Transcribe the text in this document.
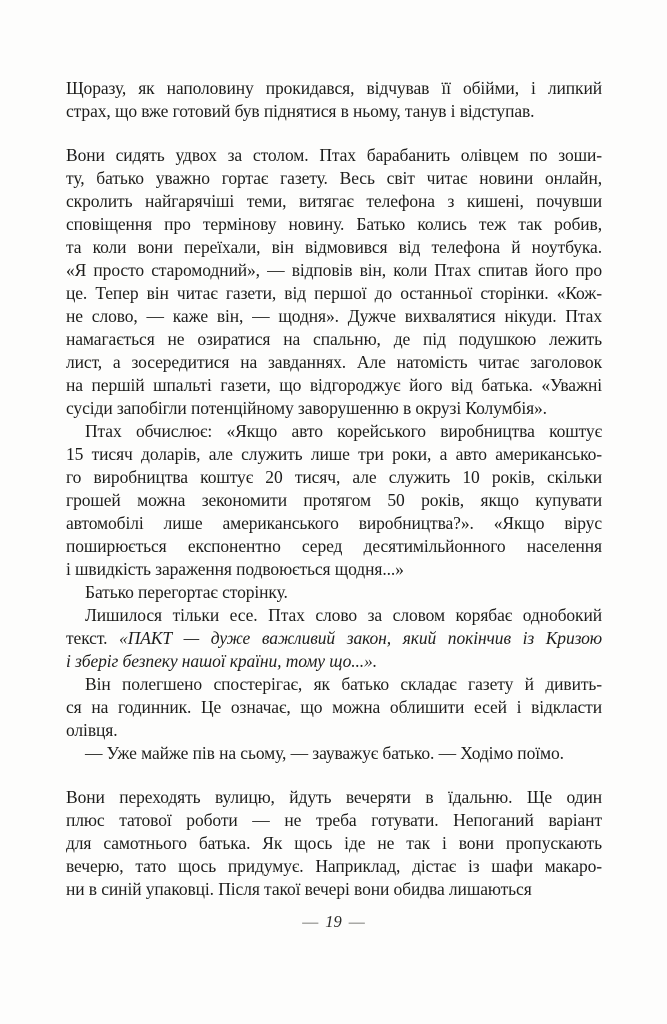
Щоразу, як наполовину прокидався, відчував її обійми, і липкий
страх, що вже готовий був піднятися в ньому, танув і відступав.
Вони сидять удвох за столом. Птах барабанить олівцем по зоши-
ту, батько уважно гортає газету. Весь світ читає новини онлайн,
скролить найгарячіші теми, витягає телефона з кишені, почувши
сповіщення про термінову новину. Батько колись теж так робив,
та коли вони переїхали, він відмовився від телефона й ноутбука.
«Я просто старомодний», — відповів він, коли Птах спитав його про
це. Тепер він читає газети, від першої до останньої сторінки. «Кож-
не слово, — каже він, — щодня». Дужче вихвалятися нікуди. Птах
намагається не озиратися на спальню, де під подушкою лежить
лист, а зосередитися на завданнях. Але натомість читає заголовок
на першій шпальті газети, що відгороджує його від батька. «Уважні
сусіди запобігли потенційному заворушенню в окрузі Колумбія».
Птах обчислює: «Якщо авто корейського виробництва коштує
15 тисяч доларів, але служить лише три роки, а авто американсько-
го виробництва коштує 20 тисяч, але служить 10 років, скільки
грошей можна зекономити протягом 50 років, якщо купувати
автомобілі лише американського виробництва?». «Якщо вірус
поширюється експонентно серед десятимільйонного населення
і швидкість зараження подвоюється щодня...»
Батько перегортає сторінку.
Лишилося тільки есе. Птах слово за словом корябає однобокий
текст. «ПАКТ — дуже важливий закон, який покінчив із Кризою
і зберіг безпеку нашої країни, тому що...».
Він полегшено спостерігає, як батько складає газету й дивить-
ся на годинник. Це означає, що можна облишити есей і відкласти
олівця.
— Уже майже пів на сьому, — зауважує батько. — Ходімо поїмо.
Вони переходять вулицю, йдуть вечеряти в їдальню. Ще один
плюс татової роботи — не треба готувати. Непоганий варіант
для самотнього батька. Як щось іде не так і вони пропускають
вечерю, тато щось придумує. Наприклад, дістає із шафи макаро-
ни в синій упаковці. Після такої вечері вони обидва лишаються
— 19 —
